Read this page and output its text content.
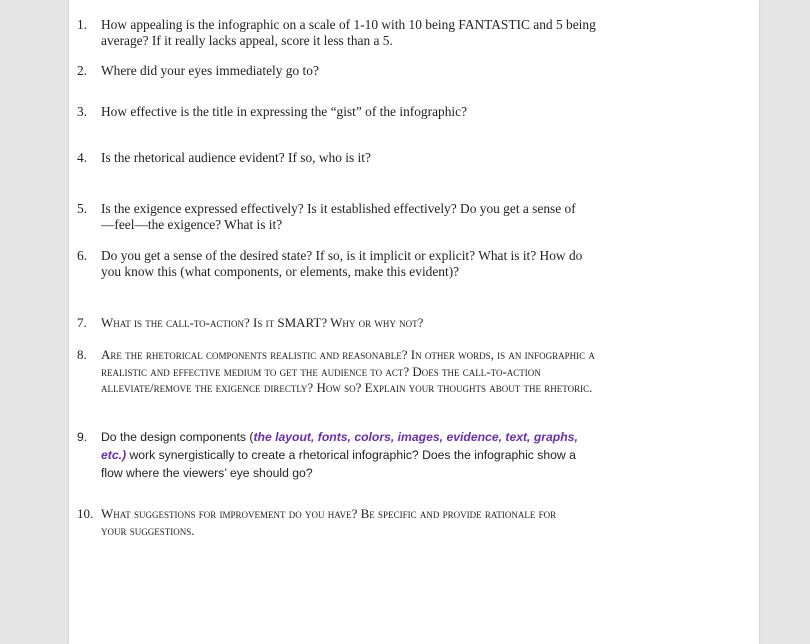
1. How appealing is the infographic on a scale of 1-10 with 10 being FANTASTIC and 5 being average? If it really lacks appeal, score it less than a 5.
2. Where did your eyes immediately go to?
3. How effective is the title in expressing the “gist” of the infographic?
4. Is the rhetorical audience evident? If so, who is it?
5. Is the exigence expressed effectively? Is it established effectively? Do you get a sense of—feel—the exigence? What is it?
6. Do you get a sense of the desired state? If so, is it implicit or explicit? What is it? How do you know this (what components, or elements, make this evident)?
7. What is the call-to-action? Is it SMART? Why or why not?
8. Are the rhetorical components realistic and reasonable? In other words, is an infographic a realistic and effective medium to get the audience to act? Does the call-to-action alleviate/remove the exigence directly? How so? Explain your thoughts about the rhetoric.
9. Do the design components (the layout, fonts, colors, images, evidence, text, graphs, etc.) work synergistically to create a rhetorical infographic? Does the infographic show a flow where the viewers’ eye should go?
10. What suggestions for improvement do you have? Be specific and provide rationale for your suggestions.
